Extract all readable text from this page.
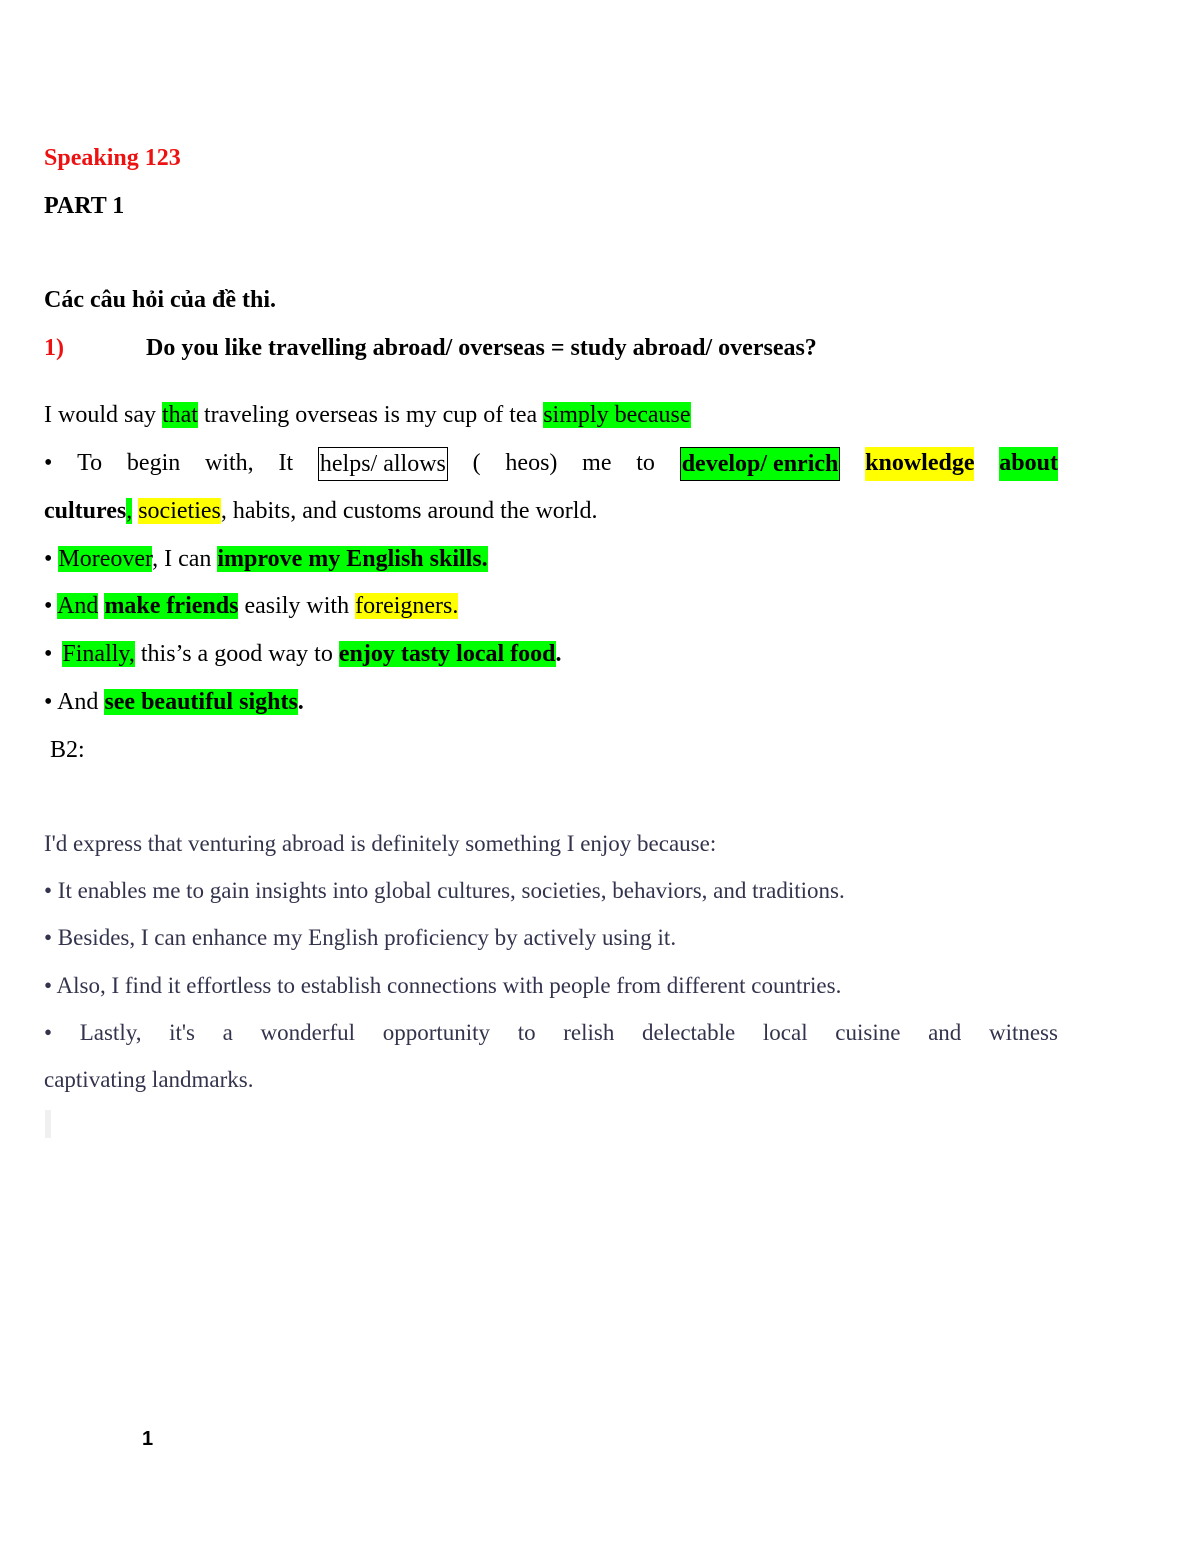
Speaking 123
PART 1
Các câu hỏi của đề thi.
1)	Do you like travelling abroad/ overseas = study abroad/ overseas?
I would say that traveling overseas is my cup of tea simply because
• To begin with, It helps/ allows ( heos) me to develop/ enrich knowledge about
cultures, societies, habits, and customs around the world.
• Moreover, I can improve my English skills.
• And make friends easily with foreigners.
• Finally, this’s a good way to enjoy tasty local food.
• And see beautiful sights.
B2:
I'd express that venturing abroad is definitely something I enjoy because:
• It enables me to gain insights into global cultures, societies, behaviors, and traditions.
• Besides, I can enhance my English proficiency by actively using it.
• Also, I find it effortless to establish connections with people from different countries.
• Lastly, it's a wonderful opportunity to relish delectable local cuisine and witness
captivating landmarks.
1
